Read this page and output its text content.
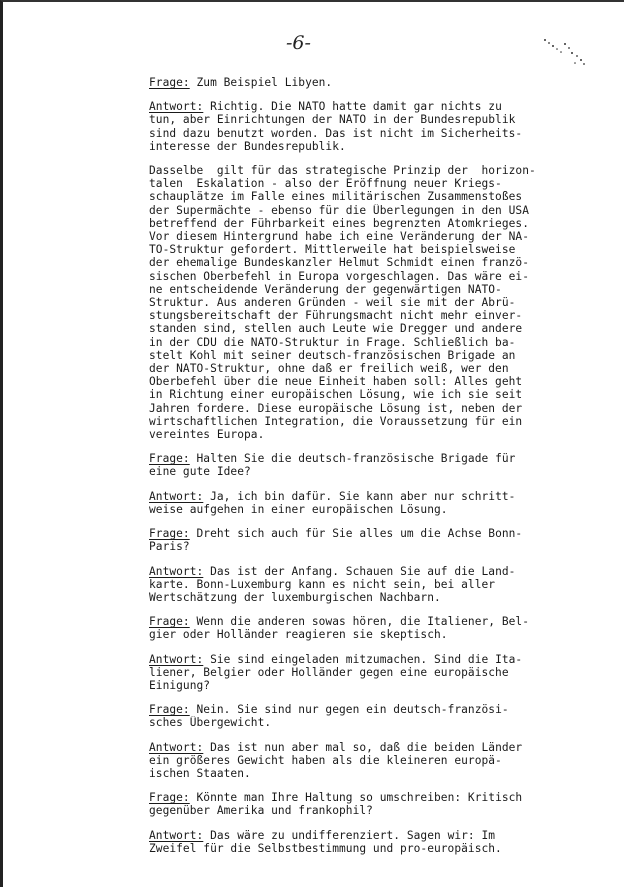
-6-
Frage: Zum Beispiel Libyen.
Antwort: Richtig. Die NATO hatte damit gar nichts zu
tun, aber Einrichtungen der NATO in der Bundesrepublik
sind dazu benutzt worden. Das ist nicht im Sicherheits-
interesse der Bundesrepublik.
Dasselbe  gilt für das strategische Prinzip der  horizon-
talen  Eskalation - also der Eröffnung neuer Kriegs-
schauplätze im Falle eines militärischen Zusammenstoßes
der Supermächte - ebenso für die Überlegungen in den USA
betreffend der Führbarkeit eines begrenzten Atomkrieges.
Vor diesem Hintergrund habe ich eine Veränderung der NA-
TO-Struktur gefordert. Mittlerweile hat beispielsweise
der ehemalige Bundeskanzler Helmut Schmidt einen franzö-
sischen Oberbefehl in Europa vorgeschlagen. Das wäre ei-
ne entscheidende Veränderung der gegenwärtigen NATO-
Struktur. Aus anderen Gründen - weil sie mit der Abrü-
stungsbereitschaft der Führungsmacht nicht mehr einver-
standen sind, stellen auch Leute wie Dregger und andere
in der CDU die NATO-Struktur in Frage. Schließlich ba-
stelt Kohl mit seiner deutsch-französischen Brigade an
der NATO-Struktur, ohne daß er freilich weiß, wer den
Oberbefehl über die neue Einheit haben soll: Alles geht
in Richtung einer europäischen Lösung, wie ich sie seit
Jahren fordere. Diese europäische Lösung ist, neben der
wirtschaftlichen Integration, die Voraussetzung für ein
vereintes Europa.
Frage: Halten Sie die deutsch-französische Brigade für
eine gute Idee?
Antwort: Ja, ich bin dafür. Sie kann aber nur schritt-
weise aufgehen in einer europäischen Lösung.
Frage: Dreht sich auch für Sie alles um die Achse Bonn-
Paris?
Antwort: Das ist der Anfang. Schauen Sie auf die Land-
karte. Bonn-Luxemburg kann es nicht sein, bei aller
Wertschätzung der luxemburgischen Nachbarn.
Frage: Wenn die anderen sowas hören, die Italiener, Bel-
gier oder Holländer reagieren sie skeptisch.
Antwort: Sie sind eingeladen mitzumachen. Sind die Ita-
liener, Belgier oder Holländer gegen eine europäische
Einigung?
Frage: Nein. Sie sind nur gegen ein deutsch-französi-
sches Übergewicht.
Antwort: Das ist nun aber mal so, daß die beiden Länder
ein größeres Gewicht haben als die kleineren europä-
ischen Staaten.
Frage: Könnte man Ihre Haltung so umschreiben: Kritisch
gegenüber Amerika und frankophil?
Antwort: Das wäre zu undifferenziert. Sagen wir: Im
Zweifel für die Selbstbestimmung und pro-europäisch.
